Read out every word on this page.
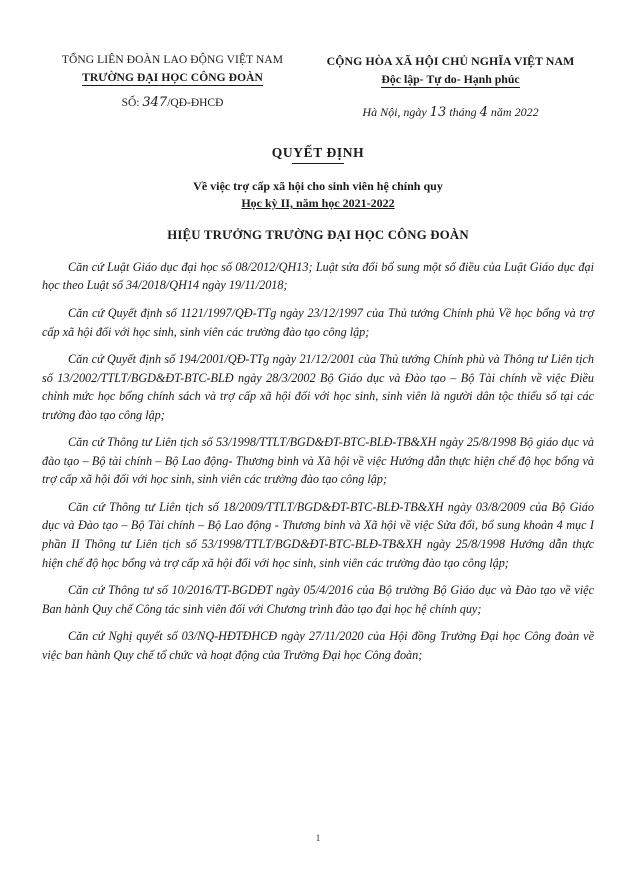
TỔNG LIÊN ĐOÀN LAO ĐỘNG VIỆT NAM
TRƯỜNG ĐẠI HỌC CÔNG ĐOÀN
SỐ: 347/QĐ-ĐHCĐ
CỘNG HÒA XÃ HỘI CHỦ NGHĨA VIỆT NAM
Độc lập- Tự do- Hạnh phúc
Hà Nội, ngày 13 tháng 4 năm 2022
QUYẾT ĐỊNH
Về việc trợ cấp xã hội cho sinh viên hệ chính quy
Học kỳ II, năm học 2021-2022
HIỆU TRƯỞNG TRƯỜNG ĐẠI HỌC CÔNG ĐOÀN

Căn cứ Luật Giáo dục đại học số 08/2012/QH13; Luật sửa đổi bổ sung một số điều của Luật Giáo dục đại học theo Luật số 34/2018/QH14 ngày 19/11/2018;

Căn cứ Quyết định số 1121/1997/QĐ-TTg ngày 23/12/1997 của Thủ tướng Chính phủ Về học bổng và trợ cấp xã hội đối với học sinh, sinh viên các trường đào tạo công lập;

Căn cứ Quyết định số 194/2001/QĐ-TTg ngày 21/12/2001 của Thủ tướng Chính phủ và Thông tư Liên tịch số 13/2002/TTLT/BGD&ĐT-BTC-BLĐ ngày 28/3/2002 Bộ Giáo dục và Đào tạo – Bộ Tài chính về việc Điều chỉnh mức học bổng chính sách và trợ cấp xã hội đối với học sinh, sinh viên là người dân tộc thiểu số tại các trường đào tạo công lập;

Căn cứ Thông tư Liên tịch số 53/1998/TTLT/BGD&ĐT-BTC-BLĐ-TB&XH ngày 25/8/1998 Bộ giáo dục và đào tạo – Bộ tài chính – Bộ Lao động- Thương binh và Xã hội về việc Hướng dẫn thực hiện chế độ học bổng và trợ cấp xã hội đối với học sinh, sinh viên các trường đào tạo công lập;

Căn cứ Thông tư Liên tịch số 18/2009/TTLT/BGD&ĐT-BTC-BLĐ-TB&XH ngày 03/8/2009 của Bộ Giáo dục và Đào tạo – Bộ Tài chính – Bộ Lao động - Thương binh và Xã hội về việc Sửa đổi, bổ sung khoản 4 mục I phần II Thông tư Liên tịch số 53/1998/TTLT/BGD&ĐT-BTC-BLĐ-TB&XH ngày 25/8/1998 Hướng dẫn thực hiện chế độ học bổng và trợ cấp xã hội đối với học sinh, sinh viên các trường đào tạo công lập;

Căn cứ Thông tư số 10/2016/TT-BGDĐT ngày 05/4/2016 của Bộ trưởng Bộ Giáo dục và Đào tạo về việc Ban hành Quy chế Công tác sinh viên đối với Chương trình đào tạo đại học hệ chính quy;

Căn cứ Nghị quyết số 03/NQ-HĐTĐHCĐ ngày 27/11/2020 của Hội đồng Trường Đại học Công đoàn về việc ban hành Quy chế tổ chức và hoạt động của Trường Đại học Công đoàn;

1
